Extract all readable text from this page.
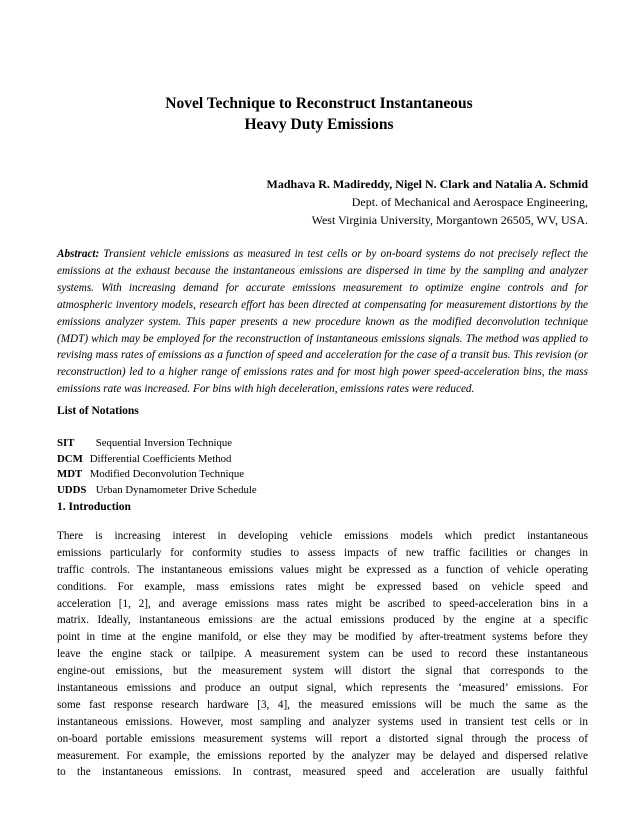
Novel Technique to Reconstruct Instantaneous
Heavy Duty Emissions
Madhava R. Madireddy, Nigel N. Clark and Natalia A. Schmid
Dept. of Mechanical and Aerospace Engineering,
West Virginia University, Morgantown 26505, WV, USA.
Abstract: Transient vehicle emissions as measured in test cells or by on-board systems do not precisely reflect the emissions at the exhaust because the instantaneous emissions are dispersed in time by the sampling and analyzer systems. With increasing demand for accurate emissions measurement to optimize engine controls and for atmospheric inventory models, research effort has been directed at compensating for measurement distortions by the emissions analyzer system. This paper presents a new procedure known as the modified deconvolution technique (MDT) which may be employed for the reconstruction of instantaneous emissions signals. The method was applied to revising mass rates of emissions as a function of speed and acceleration for the case of a transit bus. This revision (or reconstruction) led to a higher range of emissions rates and for most high power speed-acceleration bins, the mass emissions rate was increased. For bins with high deceleration, emissions rates were reduced.
List of Notations
SIT Sequential Inversion Technique
DCM Differential Coefficients Method
MDT Modified Deconvolution Technique
UDDS Urban Dynamometer Drive Schedule
1. Introduction
There is increasing interest in developing vehicle emissions models which predict instantaneous
emissions particularly for conformity studies to assess impacts of new traffic facilities or changes in
traffic controls. The instantaneous emissions values might be expressed as a function of vehicle operating
conditions. For example, mass emissions rates might be expressed based on vehicle speed and
acceleration [1, 2], and average emissions mass rates might be ascribed to speed-acceleration bins in a
matrix. Ideally, instantaneous emissions are the actual emissions produced by the engine at a specific
point in time at the engine manifold, or else they may be modified by after-treatment systems before they
leave the engine stack or tailpipe. A measurement system can be used to record these instantaneous
engine-out emissions, but the measurement system will distort the signal that corresponds to the
instantaneous emissions and produce an output signal, which represents the ‘measured’ emissions. For
some fast response research hardware [3, 4], the measured emissions will be much the same as the
instantaneous emissions. However, most sampling and analyzer systems used in transient test cells or in
on-board portable emissions measurement systems will report a distorted signal through the process of
measurement. For example, the emissions reported by the analyzer may be delayed and dispersed relative
to the instantaneous emissions. In contrast, measured speed and acceleration are usually faithful
